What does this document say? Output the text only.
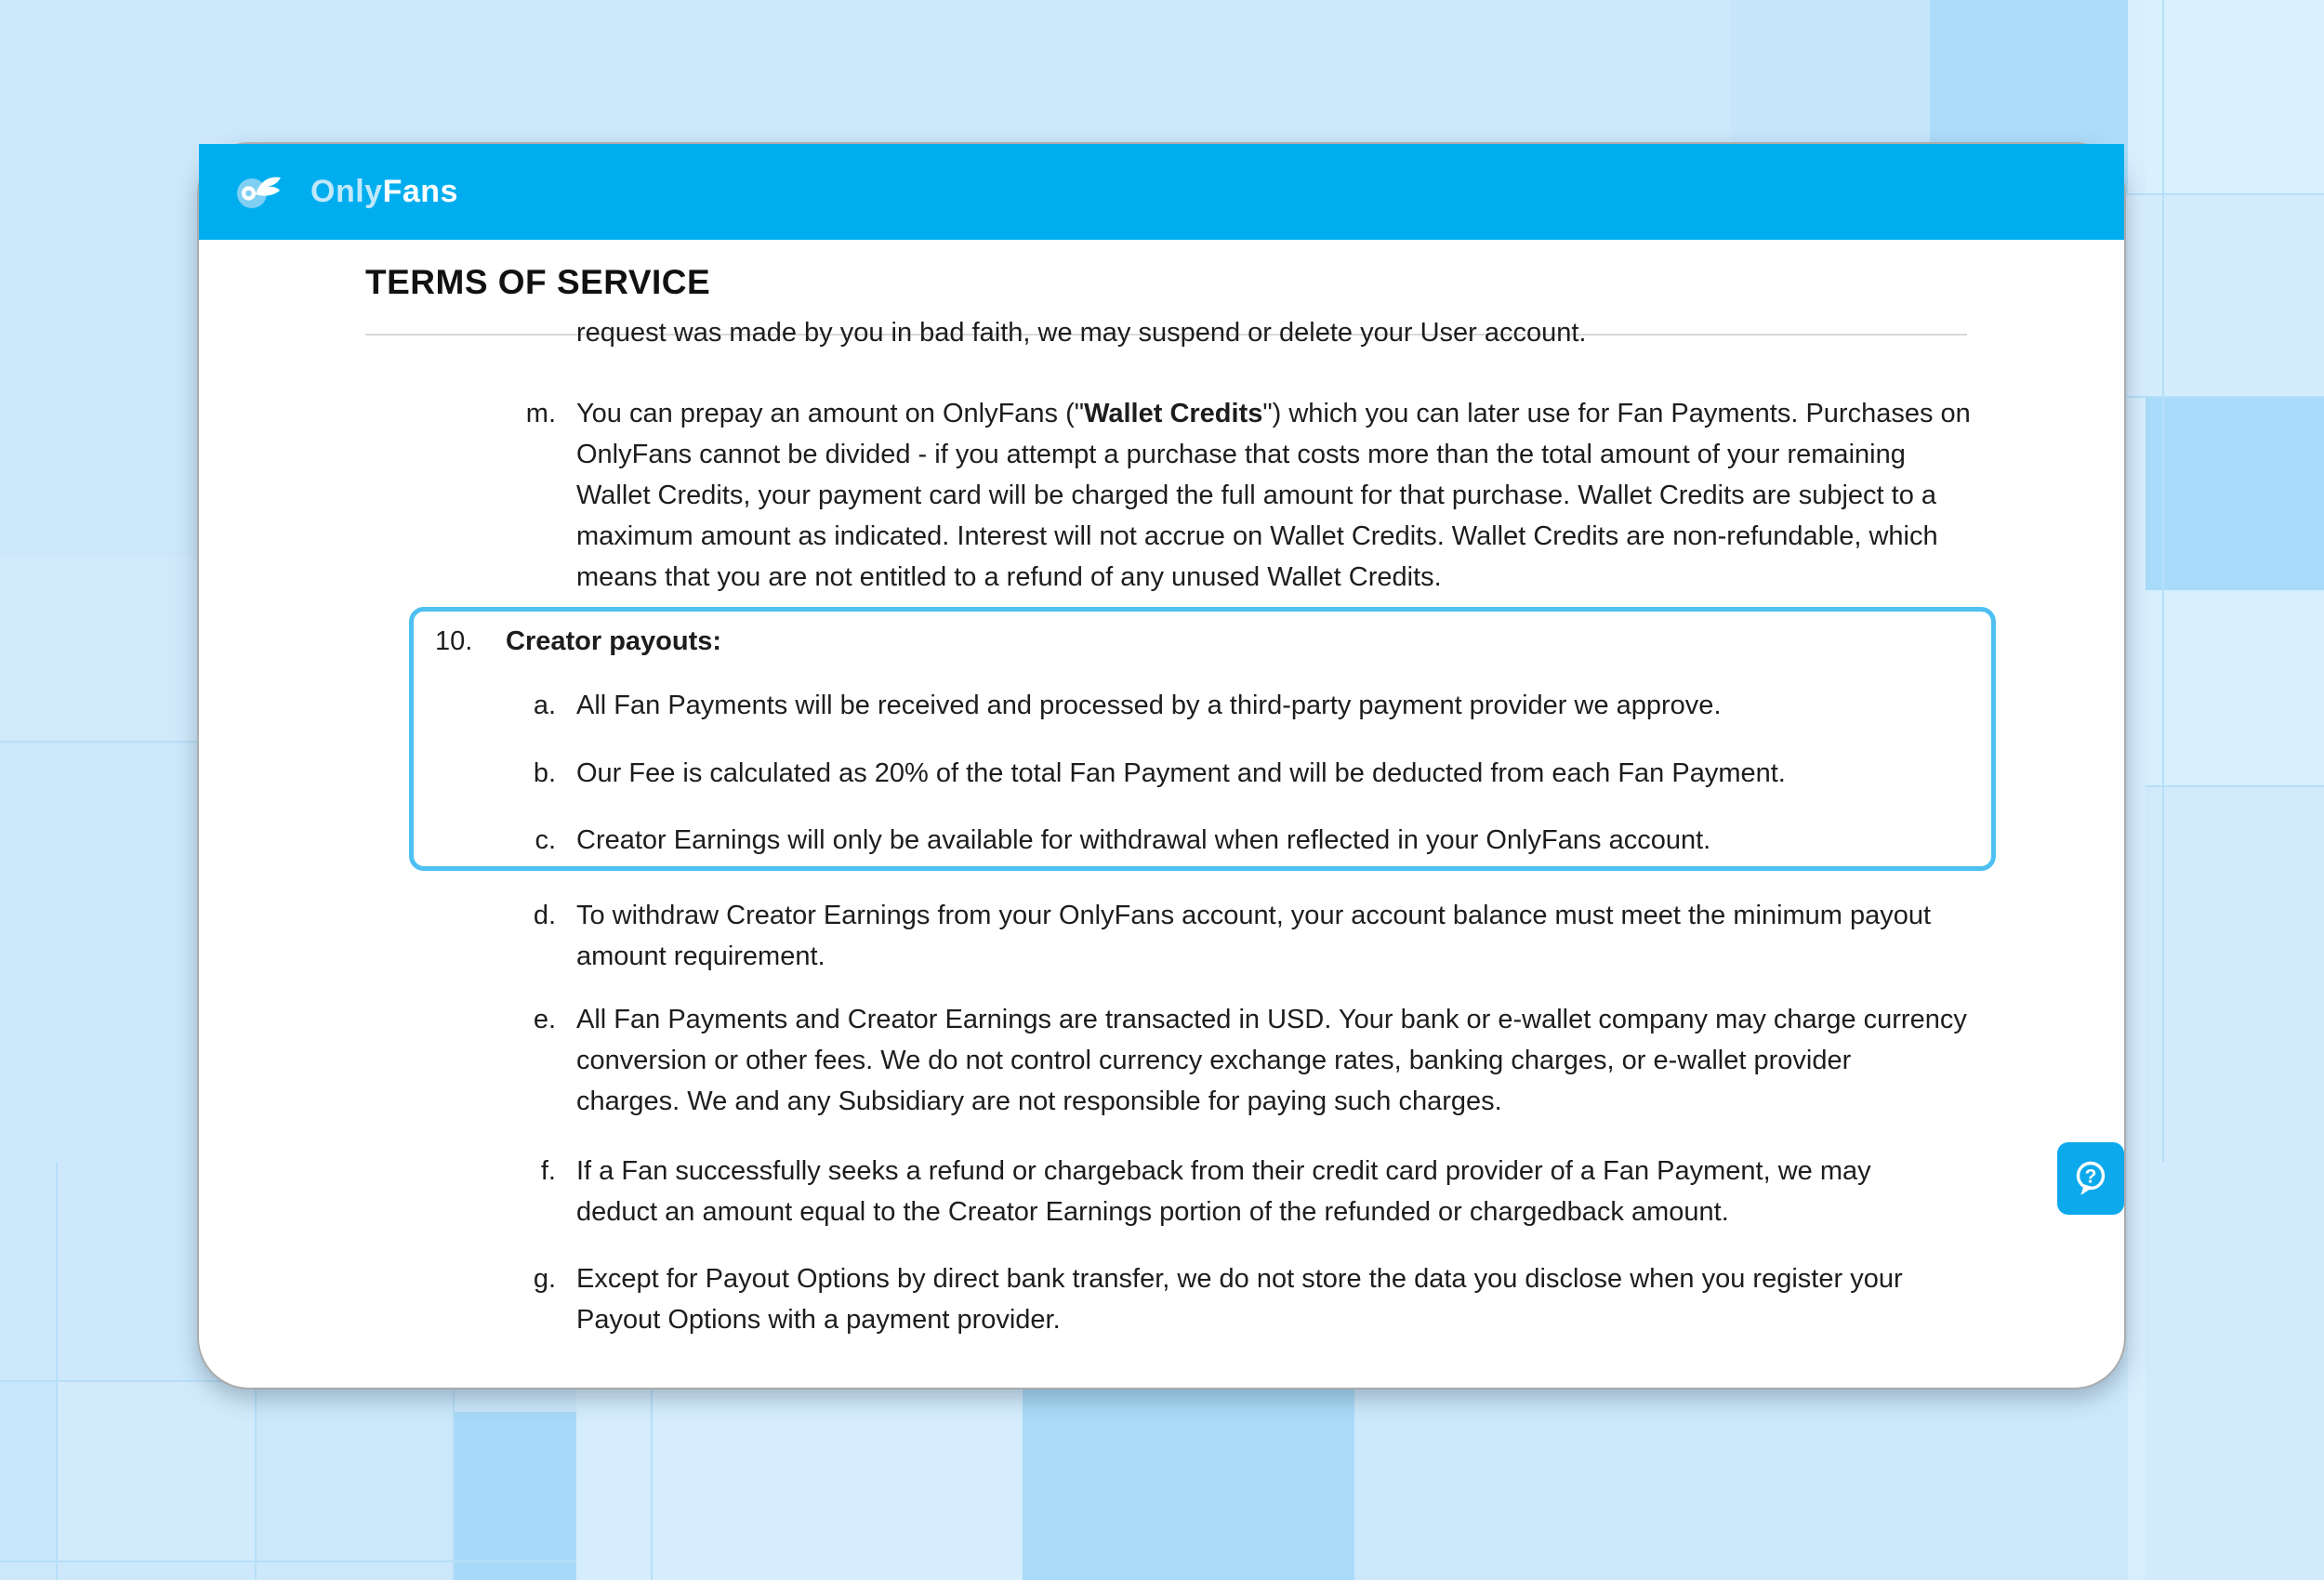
OnlyFans
TERMS OF SERVICE
request was made by you in bad faith, we may suspend or delete your User account.
m. You can prepay an amount on OnlyFans ("Wallet Credits") which you can later use for Fan Payments. Purchases on
OnlyFans cannot be divided - if you attempt a purchase that costs more than the total amount of your remaining
Wallet Credits, your payment card will be charged the full amount for that purchase. Wallet Credits are subject to a
maximum amount as indicated. Interest will not accrue on Wallet Credits. Wallet Credits are non-refundable, which
means that you are not entitled to a refund of any unused Wallet Credits.
10. Creator payouts:
a. All Fan Payments will be received and processed by a third-party payment provider we approve.
b. Our Fee is calculated as 20% of the total Fan Payment and will be deducted from each Fan Payment.
c. Creator Earnings will only be available for withdrawal when reflected in your OnlyFans account.
d. To withdraw Creator Earnings from your OnlyFans account, your account balance must meet the minimum payout
amount requirement.
e. All Fan Payments and Creator Earnings are transacted in USD. Your bank or e-wallet company may charge currency
conversion or other fees. We do not control currency exchange rates, banking charges, or e-wallet provider
charges. We and any Subsidiary are not responsible for paying such charges.
f. If a Fan successfully seeks a refund or chargeback from their credit card provider of a Fan Payment, we may
deduct an amount equal to the Creator Earnings portion of the refunded or chargedback amount.
g. Except for Payout Options by direct bank transfer, we do not store the data you disclose when you register your
Payout Options with a payment provider.
?
